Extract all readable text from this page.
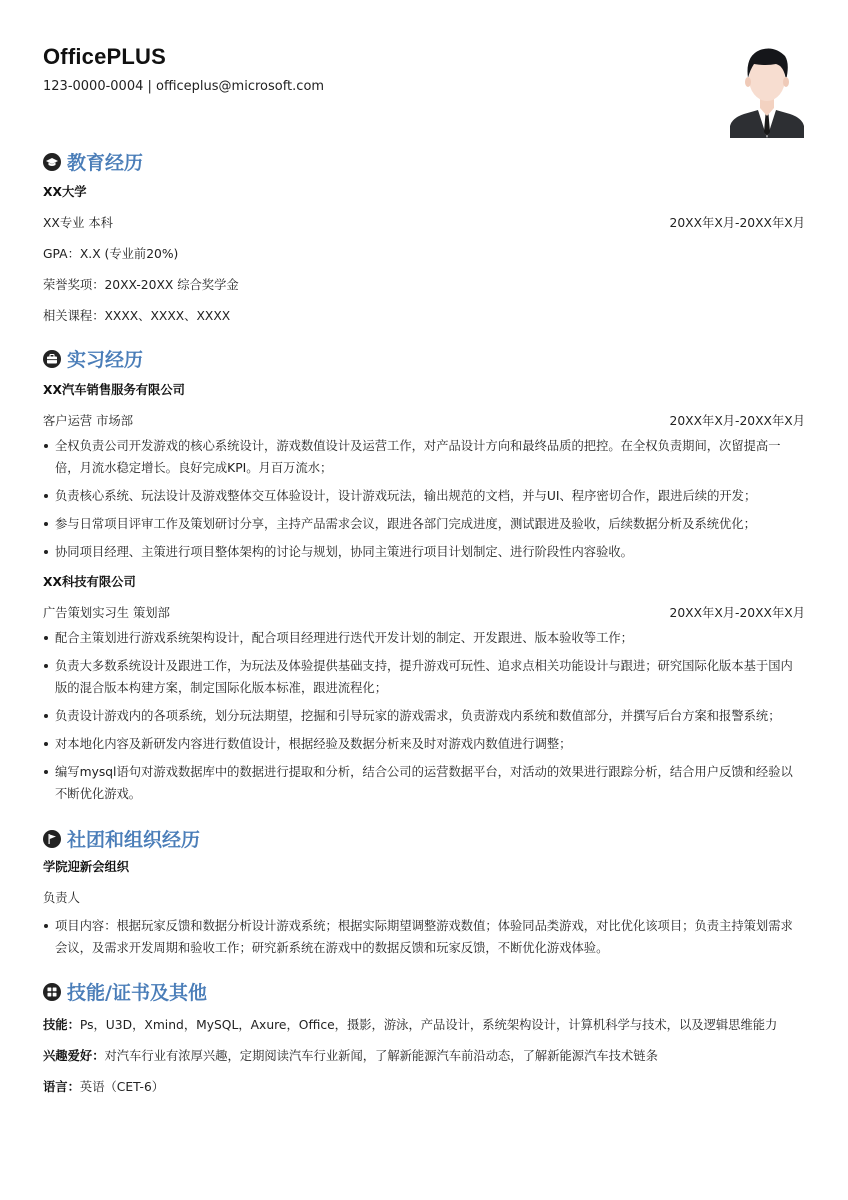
OfficePLUS
123-0000-0004 | officeplus@microsoft.com
教育经历
XX大学
XX专业 本科	20XX年X月-20XX年X月
GPA：X.X (专业前20%)
荣誉奖项：20XX-20XX 综合奖学金
相关课程：XXXX、XXXX、XXXX
实习经历
XX汽车销售服务有限公司
客户运营 市场部	20XX年X月-20XX年X月
全权负责公司开发游戏的核心系统设计，游戏数值设计及运营工作，对产品设计方向和最终品质的把控。在全权负责期间，次留提高一倍，月流水稳定增长。良好完成KPI。月百万流水；
负责核心系统、玩法设计及游戏整体交互体验设计，设计游戏玩法，输出规范的文档，并与UI、程序密切合作，跟进后续的开发；
参与日常项目评审工作及策划研讨分享，主持产品需求会议，跟进各部门完成进度，测试跟进及验收，后续数据分析及系统优化；
协同项目经理、主策进行项目整体架构的讨论与规划，协同主策进行项目计划制定、进行阶段性内容验收。
XX科技有限公司
广告策划实习生 策划部	20XX年X月-20XX年X月
配合主策划进行游戏系统架构设计，配合项目经理进行迭代开发计划的制定、开发跟进、版本验收等工作；
负责大多数系统设计及跟进工作，为玩法及体验提供基础支持，提升游戏可玩性、追求点相关功能设计与跟进；研究国际化版本基于国内版的混合版本构建方案，制定国际化版本标准，跟进流程化；
负责设计游戏内的各项系统，划分玩法期望，挖掘和引导玩家的游戏需求，负责游戏内系统和数值部分，并撰写后台方案和报警系统；
对本地化内容及新研发内容进行数值设计，根据经验及数据分析来及时对游戏内数值进行调整；
编写mysql语句对游戏数据库中的数据进行提取和分析，结合公司的运营数据平台，对活动的效果进行跟踪分析，结合用户反馈和经验以不断优化游戏。
社团和组织经历
学院迎新会组织
负责人
项目内容：根据玩家反馈和数据分析设计游戏系统；根据实际期望调整游戏数值；体验同品类游戏，对比优化该项目；负责主持策划需求会议，及需求开发周期和验收工作；研究新系统在游戏中的数据反馈和玩家反馈，不断优化游戏体验。
技能/证书及其他
技能：Ps，U3D，Xmind，MySQL，Axure，Office，摄影，游泳，产品设计，系统架构设计，计算机科学与技术，以及逻辑思维能力
兴趣爱好：对汽车行业有浓厚兴趣，定期阅读汽车行业新闻，了解新能源汽车前沿动态，了解新能源汽车技术链条
语言：英语（CET-6）
